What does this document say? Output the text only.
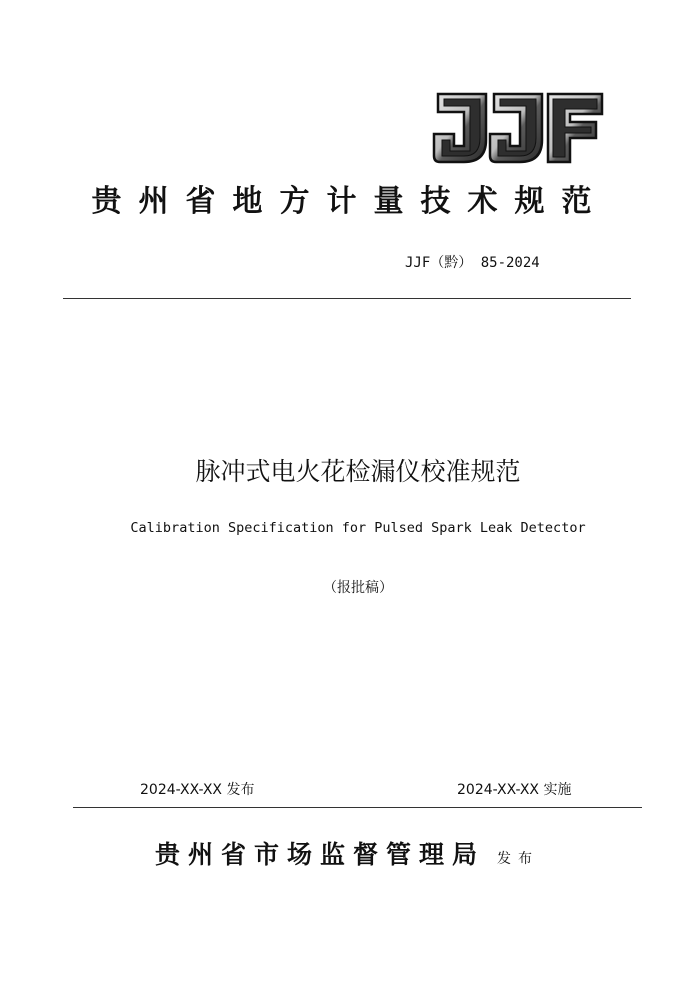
贵州省地方计量技术规范
JJF（黔） 85-2024
脉冲式电火花检漏仪校准规范
Calibration Specification for Pulsed Spark Leak Detector
（报批稿）
2024-XX-XX 发布	2024-XX-XX 实施
贵州省市场监督管理局 发布
